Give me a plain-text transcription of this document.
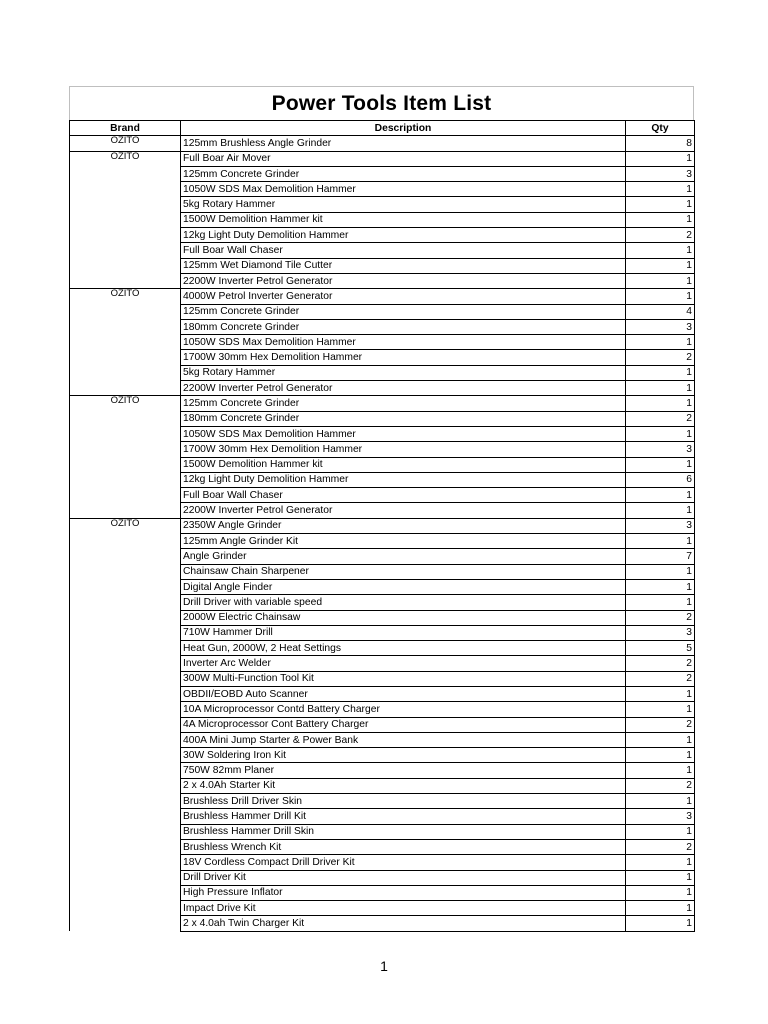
Power Tools Item List
Brand	Description	Qty
OZITO	125mm Brushless Angle Grinder	8
OZITO	Full Boar Air Mover	1
	125mm Concrete Grinder	3
	1050W SDS Max Demolition Hammer	1
	5kg Rotary Hammer	1
	1500W Demolition Hammer kit	1
	12kg Light Duty Demolition Hammer	2
	Full Boar Wall Chaser	1
	125mm Wet Diamond Tile Cutter	1
	2200W Inverter Petrol Generator	1
OZITO	4000W Petrol Inverter Generator	1
	125mm Concrete Grinder	4
	180mm Concrete Grinder	3
	1050W SDS Max Demolition Hammer	1
	1700W 30mm Hex Demolition Hammer	2
	5kg Rotary Hammer	1
	2200W Inverter Petrol Generator	1
OZITO	125mm Concrete Grinder	1
	180mm Concrete Grinder	2
	1050W SDS Max Demolition Hammer	1
	1700W 30mm Hex Demolition Hammer	3
	1500W Demolition Hammer kit	1
	12kg Light Duty Demolition Hammer	6
	Full Boar Wall Chaser	1
	2200W Inverter Petrol Generator	1
OZITO	2350W Angle Grinder	3
	125mm Angle Grinder Kit	1
	Angle Grinder	7
	Chainsaw Chain Sharpener	1
	Digital Angle Finder	1
	Drill Driver with variable speed	1
	2000W Electric Chainsaw	2
	710W Hammer Drill	3
	Heat Gun, 2000W, 2 Heat Settings	5
	Inverter Arc Welder	2
	300W Multi-Function Tool Kit	2
	OBDII/EOBD Auto Scanner	1
	10A Microprocessor Contd Battery Charger	1
	4A Microprocessor Cont Battery Charger	2
	400A Mini Jump Starter & Power Bank	1
	30W Soldering Iron Kit	1
	750W 82mm Planer	1
	2 x 4.0Ah Starter Kit	2
	Brushless Drill Driver Skin	1
	Brushless Hammer Drill Kit	3
	Brushless Hammer Drill Skin	1
	Brushless Wrench Kit	2
	18V Cordless Compact Drill Driver Kit	1
	Drill Driver Kit	1
	High Pressure Inflator	1
	Impact Drive Kit	1
	2 x 4.0ah Twin Charger Kit	1
1
